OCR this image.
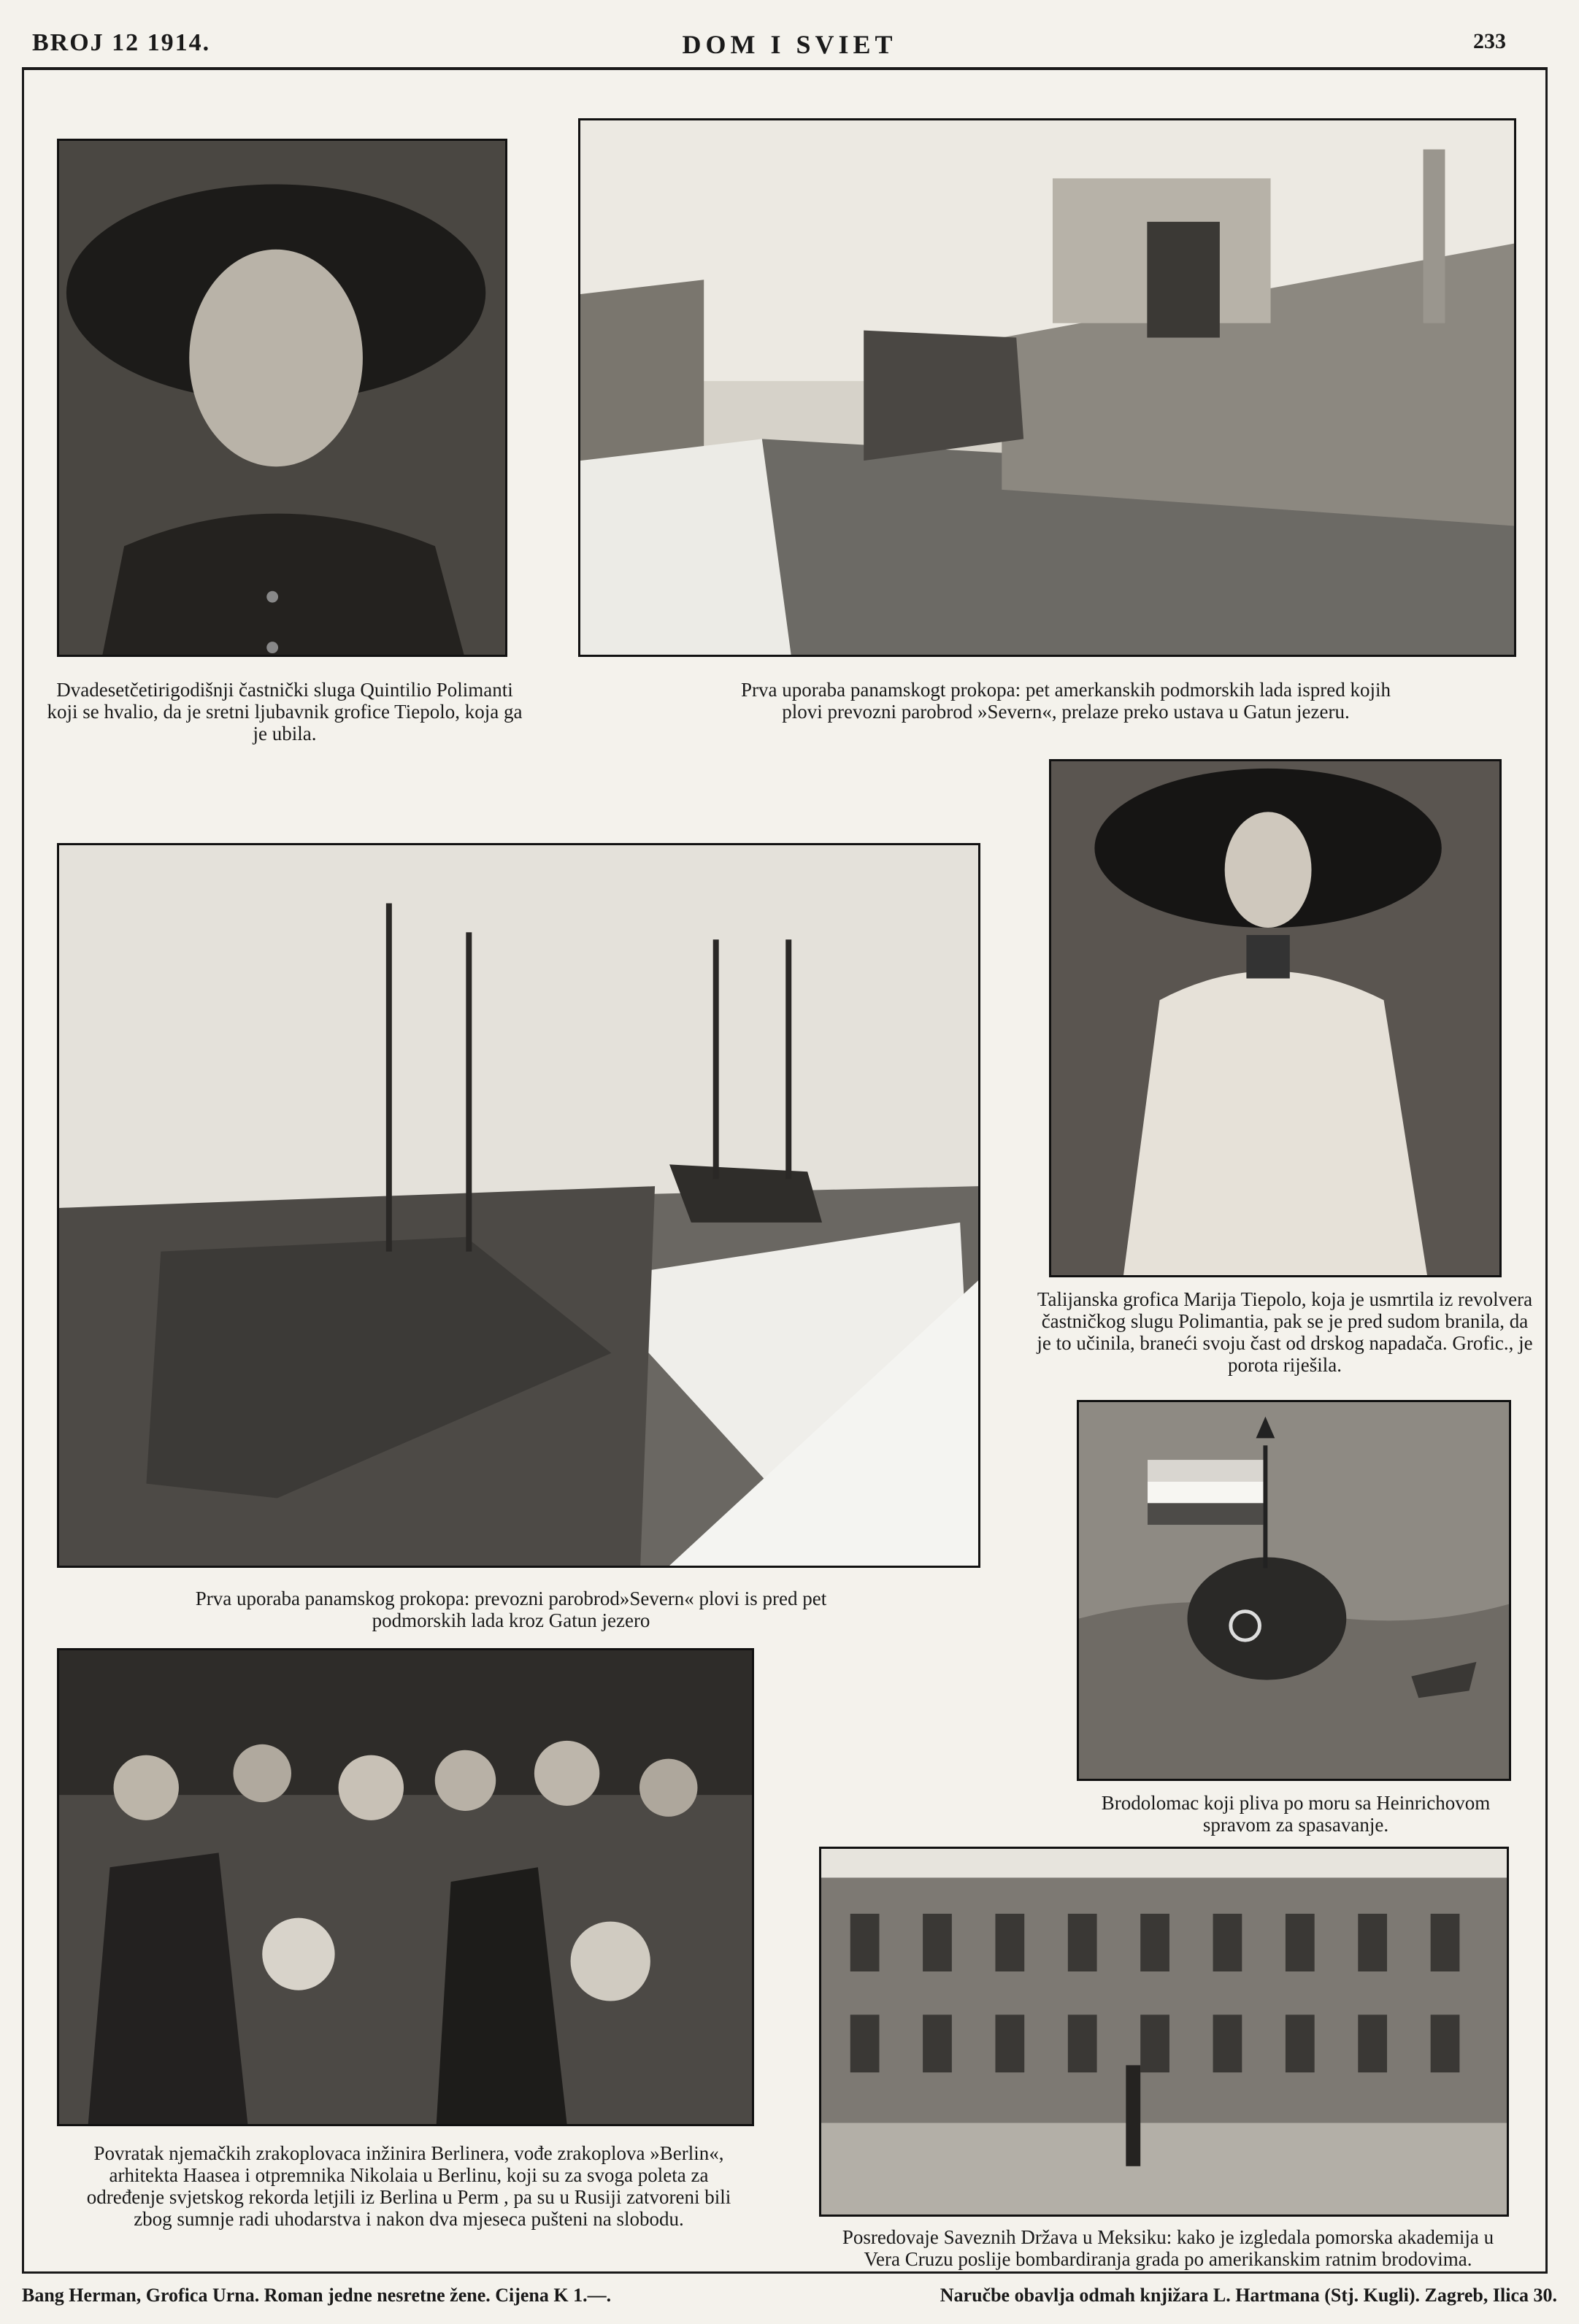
BROJ 12 1914.	DOM I SVIET	233
Dvadesetčetirigodišnji častnički sluga Quintilio Polimanti koji se hvalio, da je sretni ljubavnik grofice Tiepolo, koja ga je ubila.
Prva uporaba panamskogt prokopa: pet amerkanskih podmorskih lada ispred kojih plovi prevozni parobrod »Severn«, prelaze preko ustava u Gatun jezeru.
Talijanska grofica Marija Tiepolo, koja je usmrtila iz revolvera častničkog slugu Polimantia, pak se je pred sudom branila, da je to učinila, braneći svoju čast od drskog napadača. Grofic., je porota riješila.
Prva uporaba panamskog prokopa: prevozni parobrod»Severn« plovi is pred pet podmorskih lada kroz Gatun jezero
Brodolomac koji pliva po moru sa Heinrichovom spravom za spasavanje.
Povratak njemačkih zrakoplovaca inžinira Berlinera, vođe zrakoplova »Berlin«, arhitekta Haasea i otpremnika Nikolaia u Berlinu, koji su za svoga poleta za određenje svjetskog rekorda letjili iz Berlina u Perm , pa su u Rusiji zatvoreni bili zbog sumnje radi uhodarstva i nakon dva mjeseca pušteni na slobodu.
Posredovaje Saveznih Država u Meksiku: kako je izgledala pomorska akademija u Vera Cruzu poslije bombardiranja grada po amerikanskim ratnim brodovima.
Bang Herman, Grofica Urna. Roman jedne nesretne žene. Cijena K 1.—.	Naručbe obavlja odmah knjižara L. Hartmana (Stj. Kugli). Zagreb, Ilica 30.
